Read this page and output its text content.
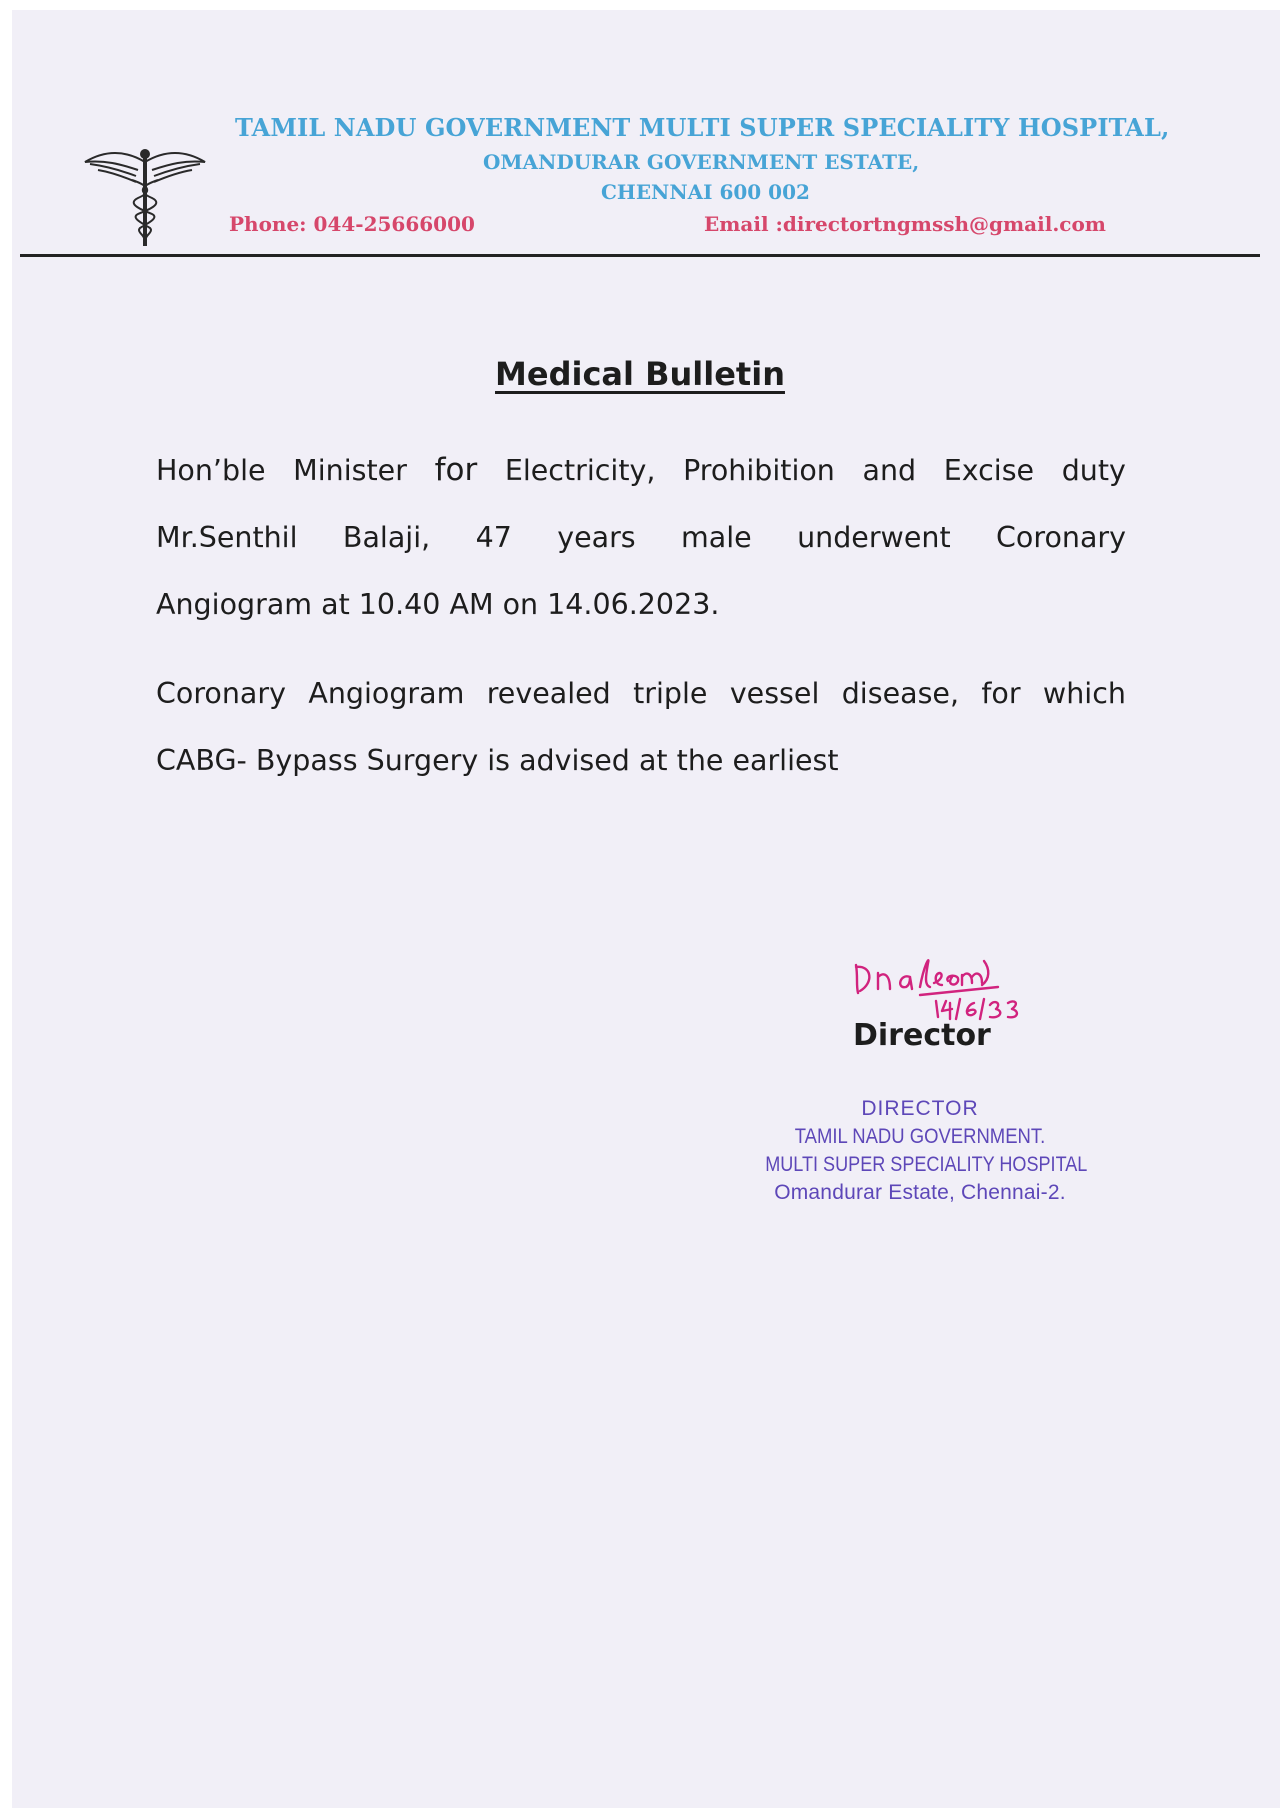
TAMIL NADU GOVERNMENT MULTI SUPER SPECIALITY HOSPITAL,
OMANDURAR GOVERNMENT ESTATE,
CHENNAI 600 002
Phone: 044-25666000	Email :directortngmssh@gmail.com
Medical Bulletin
Hon’ble Minister for Electricity, Prohibition and Excise duty
Mr.Senthil Balaji, 47 years male underwent Coronary
Angiogram at 10.40 AM on 14.06.2023.
Coronary Angiogram revealed triple vessel disease, for which
CABG- Bypass Surgery is advised at the earliest
Director
DIRECTOR
TAMIL NADU GOVERNMENT.
MULTI SUPER SPECIALITY HOSPITAL
Omandurar Estate, Chennai-2.
